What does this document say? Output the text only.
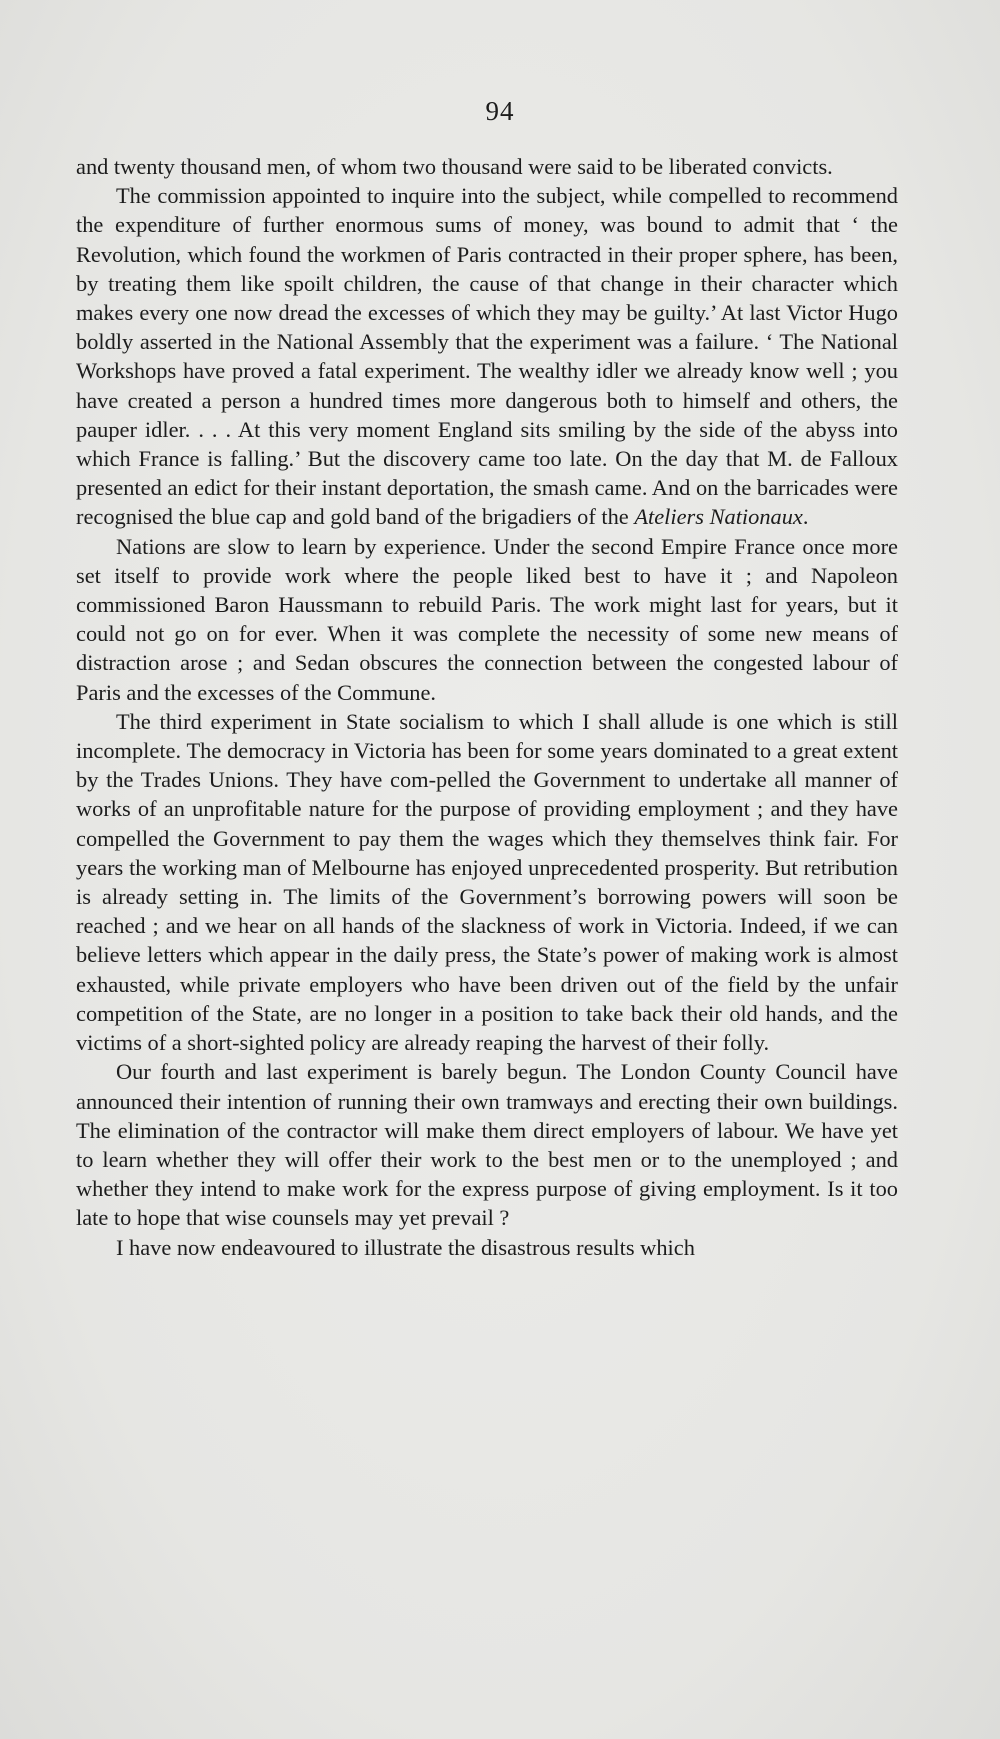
94

and twenty thousand men, of whom two thousand were said to be liberated convicts.

The commission appointed to inquire into the subject, while compelled to recommend the expenditure of further enormous sums of money, was bound to admit that ‘ the Revolution, which found the workmen of Paris contracted in their proper sphere, has been, by treating them like spoilt children, the cause of that change in their character which makes every one now dread the excesses of which they may be guilty.’ At last Victor Hugo boldly asserted in the National Assembly that the experiment was a failure. ‘ The National Workshops have proved a fatal experiment. The wealthy idler we already know well ; you have created a person a hundred times more dangerous both to himself and others, the pauper idler. . . . At this very moment England sits smiling by the side of the abyss into which France is falling.’ But the discovery came too late. On the day that M. de Falloux presented an edict for their instant deportation, the smash came. And on the barricades were recognised the blue cap and gold band of the brigadiers of the Ateliers Nationaux.

Nations are slow to learn by experience. Under the second Empire France once more set itself to provide work where the people liked best to have it ; and Napoleon commissioned Baron Haussmann to rebuild Paris. The work might last for years, but it could not go on for ever. When it was complete the necessity of some new means of distraction arose ; and Sedan obscures the connection between the congested labour of Paris and the excesses of the Commune.

The third experiment in State socialism to which I shall allude is one which is still incomplete. The democracy in Victoria has been for some years dominated to a great extent by the Trades Unions. They have com-pelled the Government to undertake all manner of works of an unprofitable nature for the purpose of providing employment ; and they have compelled the Government to pay them the wages which they themselves think fair. For years the working man of Melbourne has enjoyed unprecedented prosperity. But retribution is already setting in. The limits of the Government’s borrowing powers will soon be reached ; and we hear on all hands of the slackness of work in Victoria. Indeed, if we can believe letters which appear in the daily press, the State’s power of making work is almost exhausted, while private employers who have been driven out of the field by the unfair competition of the State, are no longer in a position to take back their old hands, and the victims of a short-sighted policy are already reaping the harvest of their folly.

Our fourth and last experiment is barely begun. The London County Council have announced their intention of running their own tramways and erecting their own buildings. The elimination of the contractor will make them direct employers of labour. We have yet to learn whether they will offer their work to the best men or to the unemployed ; and whether they intend to make work for the express purpose of giving employment. Is it too late to hope that wise counsels may yet prevail ?

I have now endeavoured to illustrate the disastrous results which
